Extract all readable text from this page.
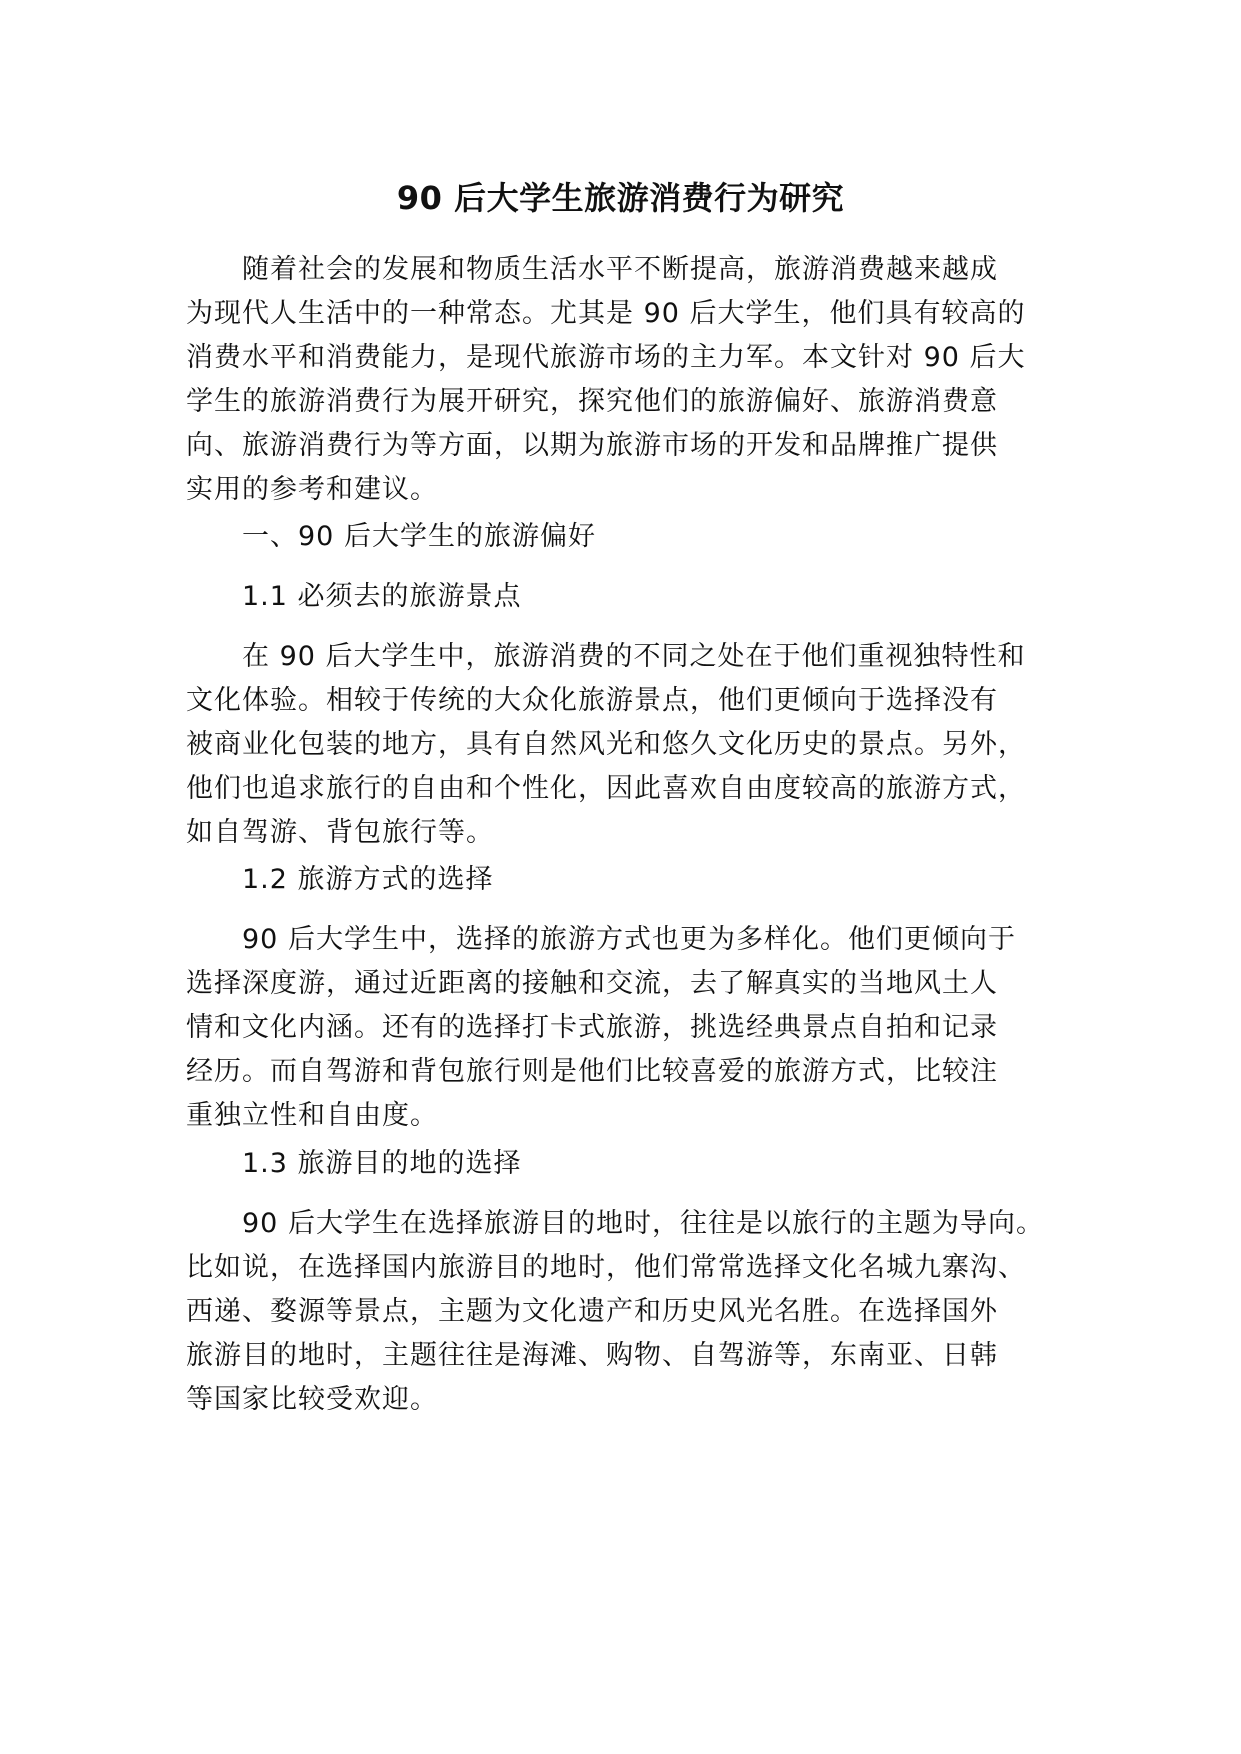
90 后大学生旅游消费行为研究
随着社会的发展和物质生活水平不断提高，旅游消费越来越成
为现代人生活中的一种常态。尤其是 90 后大学生，他们具有较高的
消费水平和消费能力，是现代旅游市场的主力军。本文针对 90 后大
学生的旅游消费行为展开研究，探究他们的旅游偏好、旅游消费意
向、旅游消费行为等方面，以期为旅游市场的开发和品牌推广提供
实用的参考和建议。
一、90 后大学生的旅游偏好
1.1 必须去的旅游景点
在 90 后大学生中，旅游消费的不同之处在于他们重视独特性和
文化体验。相较于传统的大众化旅游景点，他们更倾向于选择没有
被商业化包装的地方，具有自然风光和悠久文化历史的景点。另外，
他们也追求旅行的自由和个性化，因此喜欢自由度较高的旅游方式，
如自驾游、背包旅行等。
1.2 旅游方式的选择
90 后大学生中，选择的旅游方式也更为多样化。他们更倾向于
选择深度游，通过近距离的接触和交流，去了解真实的当地风土人
情和文化内涵。还有的选择打卡式旅游，挑选经典景点自拍和记录
经历。而自驾游和背包旅行则是他们比较喜爱的旅游方式，比较注
重独立性和自由度。
1.3 旅游目的地的选择
90 后大学生在选择旅游目的地时，往往是以旅行的主题为导向。
比如说，在选择国内旅游目的地时，他们常常选择文化名城九寨沟、
西递、婺源等景点，主题为文化遗产和历史风光名胜。在选择国外
旅游目的地时，主题往往是海滩、购物、自驾游等，东南亚、日韩
等国家比较受欢迎。
